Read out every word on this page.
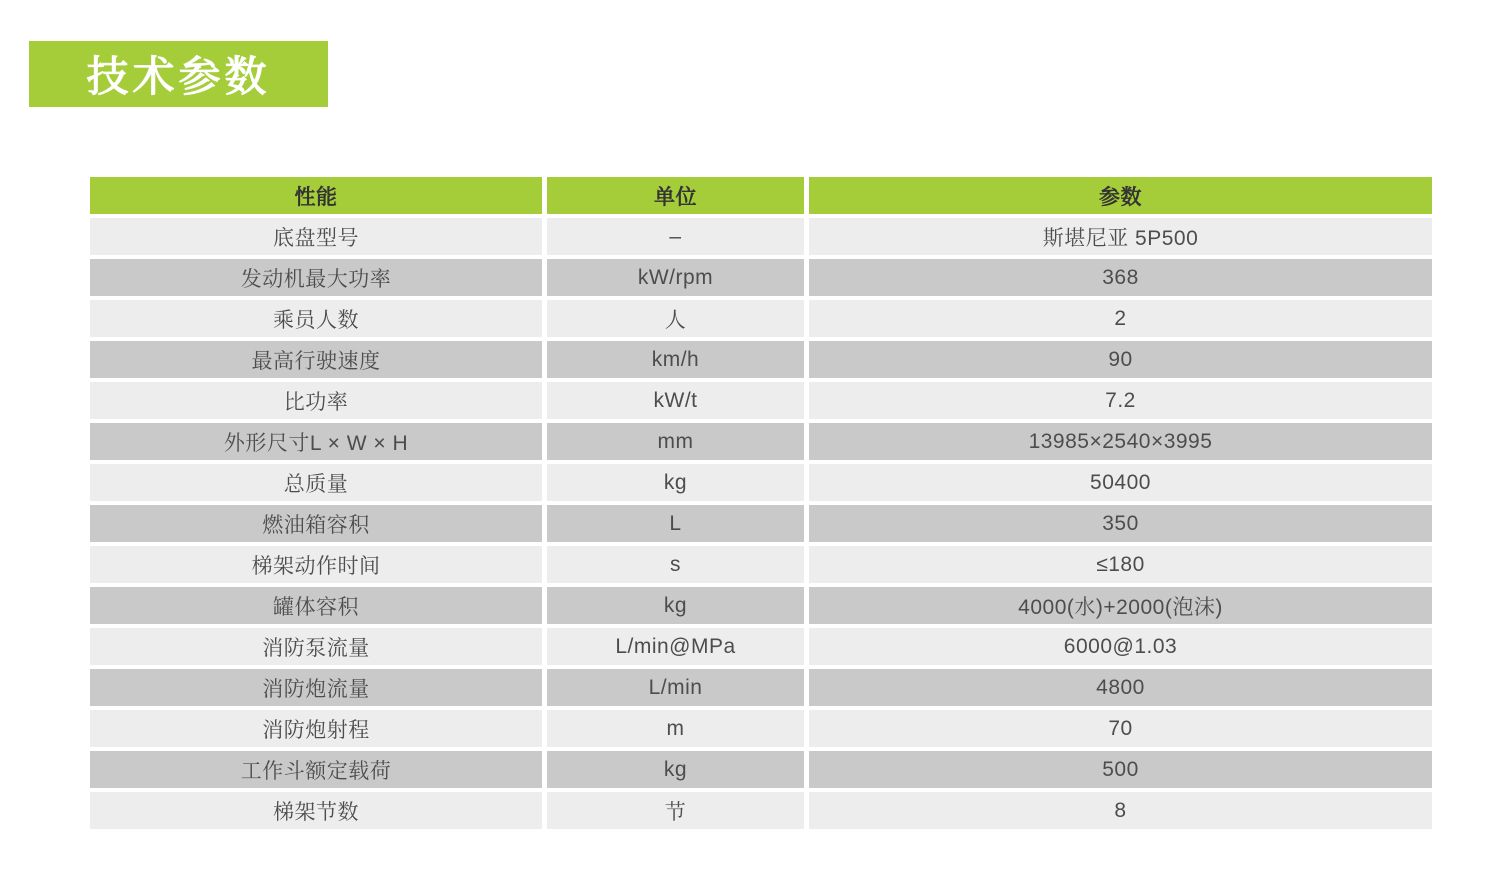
技术参数
性能	单位	参数
底盘型号	–	斯堪尼亚 5P500
发动机最大功率	kW/rpm	368
乘员人数	人	2
最高行驶速度	km/h	90
比功率	kW/t	7.2
外形尺寸L × W × H	mm	13985×2540×3995
总质量	kg	50400
燃油箱容积	L	350
梯架动作时间	s	≤180
罐体容积	kg	4000(水)+2000(泡沫)
消防泵流量	L/min@MPa	6000@1.03
消防炮流量	L/min	4800
消防炮射程	m	70
工作斗额定载荷	kg	500
梯架节数	节	8
